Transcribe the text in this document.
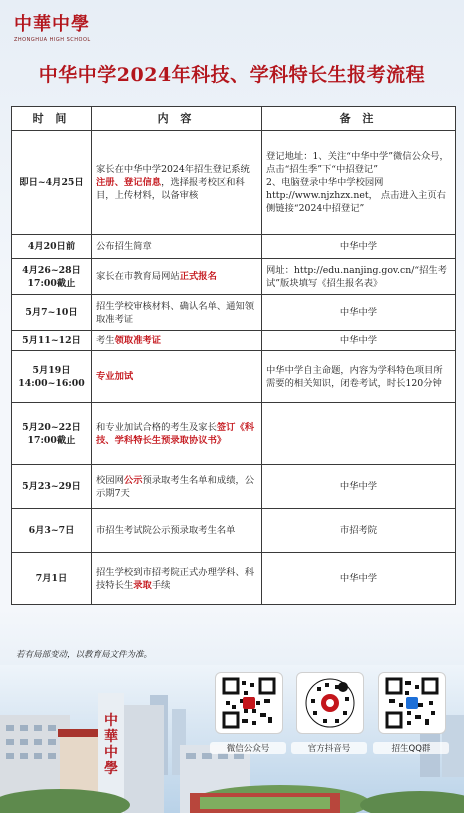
中華中學
ZHONGHUA HIGH SCHOOL
中华中学2024年科技、学科特长生报考流程
时 间	内 容	备 注
即日~4月25日	家长在中华中学2024年招生登记系统注册、登记信息，选择报考校区和科目，上传材料，以备审核	登记地址：1、关注“中华中学”微信公众号，点击“招生季”下“中招登记”
2、电脑登录中华中学校园网 http://www.njzhzx.net， 点击进入主页右侧链接“2024中招登记”

4月20日前	公布招生简章	中华中学

4月26~28日 17:00截止	家长在市教育局网站正式报名	网址：http://edu.nanjing.gov.cn/“招生考试”版块填写《招生报名表》

5月7~10日	招生学校审核材料、确认名单、通知领取准考证	中华中学

5月11~12日	考生领取准考证	中华中学

5月19日 14:00~16:00	专业加试	中华中学自主命题，内容为学科特色项目所需要的相关知识，闭卷考试，时长120分钟

5月20~22日 17:00截止	和专业加试合格的考生及家长签订《科技、学科特长生预录取协议书》	

5月23~29日	校园网公示预录取考生名单和成绩，公示期7天	中华中学

6月3~7日	市招生考试院公示预录取考生名单	市招考院

7月1日	招生学校到市招考院正式办理学科、科技特长生录取手续	中华中学
若有局部变动，以教育局文件为准。
中華中學
微信公众号	官方抖音号	招生QQ群
